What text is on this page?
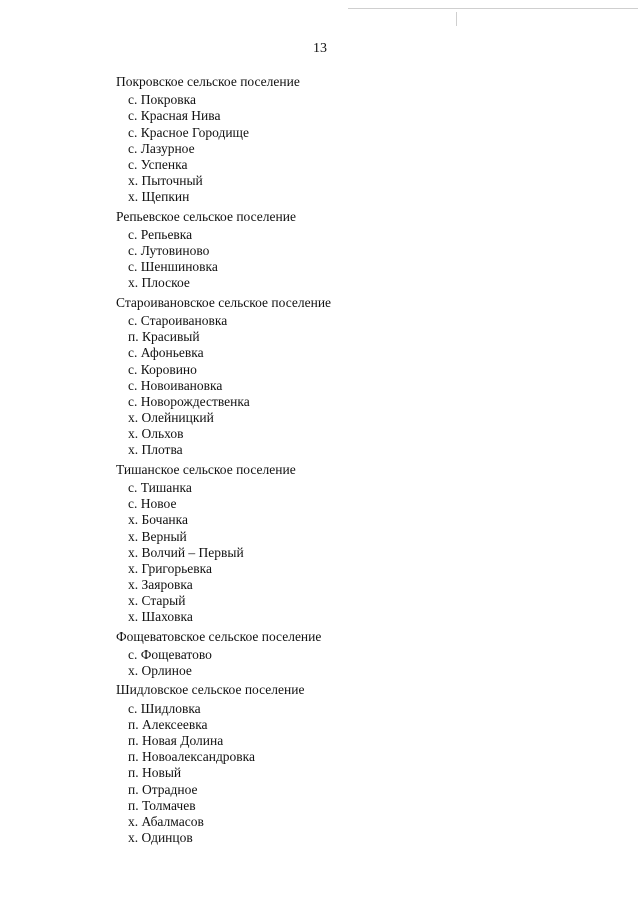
13
Покровское сельское поселение
с. Покровка
с. Красная Нива
с. Красное Городище
с. Лазурное
с. Успенка
х. Пыточный
х. Щепкин
Репьевское сельское поселение
с. Репьевка
с. Лутовиново
с. Шеншиновка
х. Плоское
Староивановское сельское поселение
с. Староивановка
п. Красивый
с. Афоньевка
с. Коровино
с. Новоивановка
с. Новорождественка
х. Олейницкий
х. Ольхов
х. Плотва
Тишанское сельское поселение
с. Тишанка
с. Новое
х. Бочанка
х. Верный
х. Волчий – Первый
х. Григорьевка
х. Заяровка
х. Старый
х. Шаховка
Фощеватовское сельское поселение
с. Фощеватово
х. Орлиное
Шидловское сельское поселение
с. Шидловка
п. Алексеевка
п. Новая Долина
п. Новоалександровка
п. Новый
п. Отрадное
п. Толмачев
х. Абалмасов
х. Одинцов
